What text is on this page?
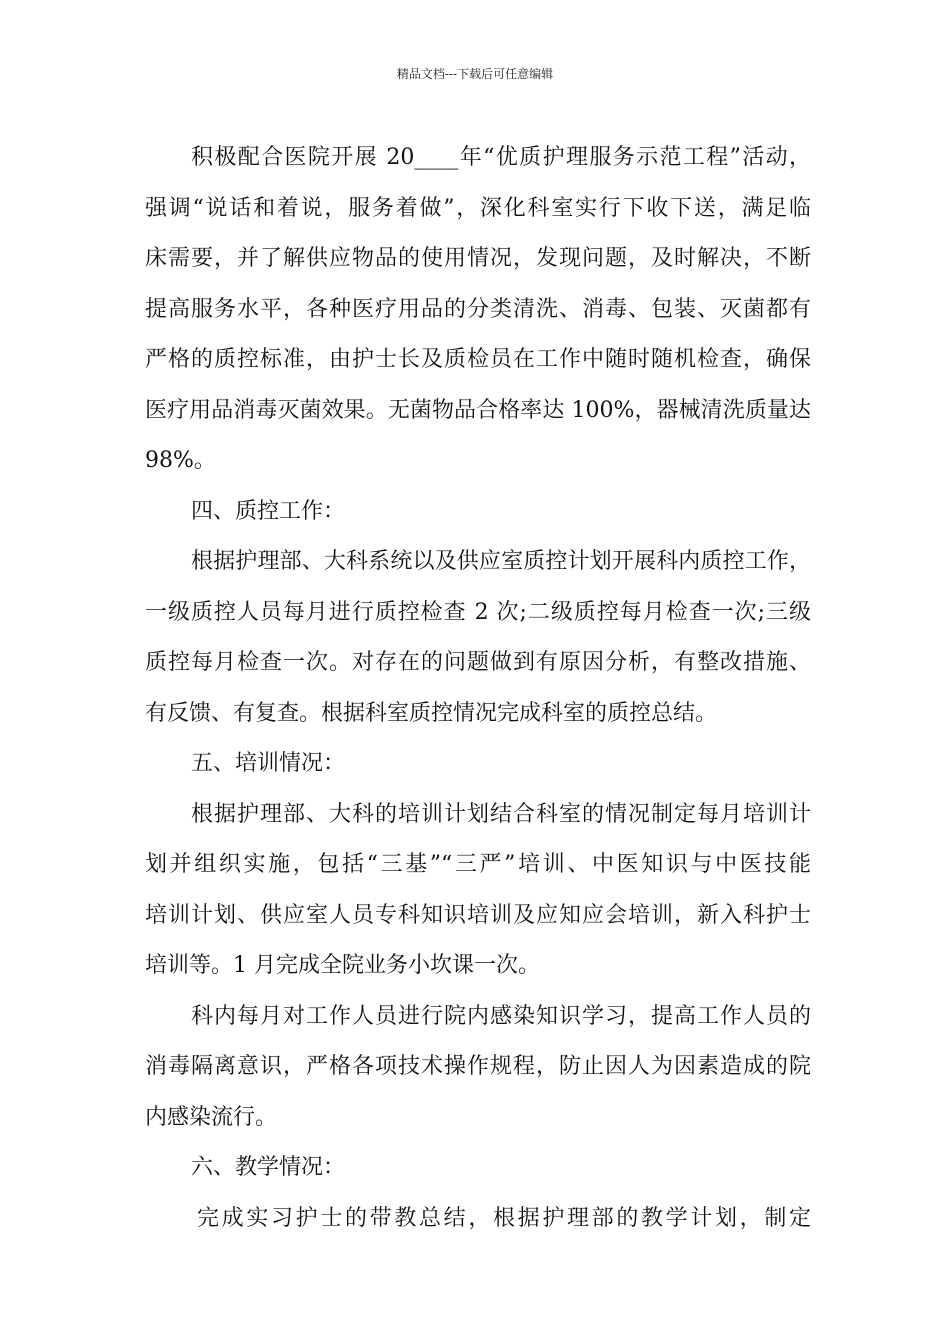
精品文档---下载后可任意编辑
积极配合医院开展 20____年“优质护理服务示范工程”活动，
强调“说话和着说，服务着做”，深化科室实行下收下送，满足临
床需要，并了解供应物品的使用情况，发现问题，及时解决，不断
提高服务水平，各种医疗用品的分类清洗、消毒、包装、灭菌都有
严格的质控标准，由护士长及质检员在工作中随时随机检查，确保
医疗用品消毒灭菌效果。无菌物品合格率达 100%，器械清洗质量达
98%。
四、质控工作：
根据护理部、大科系统以及供应室质控计划开展科内质控工作，
一级质控人员每月进行质控检查 2 次;二级质控每月检查一次;三级
质控每月检查一次。对存在的问题做到有原因分析，有整改措施、
有反馈、有复查。根据科室质控情况完成科室的质控总结。
五、培训情况：
根据护理部、大科的培训计划结合科室的情况制定每月培训计
划并组织实施，包括“三基”“三严”培训、中医知识与中医技能
培训计划、供应室人员专科知识培训及应知应会培训，新入科护士
培训等。1 月完成全院业务小坎课一次。
科内每月对工作人员进行院内感染知识学习，提高工作人员的
消毒隔离意识，严格各项技术操作规程，防止因人为因素造成的院
内感染流行。
六、教学情况：
完成实习护士的带教总结，根据护理部的教学计划，制定
